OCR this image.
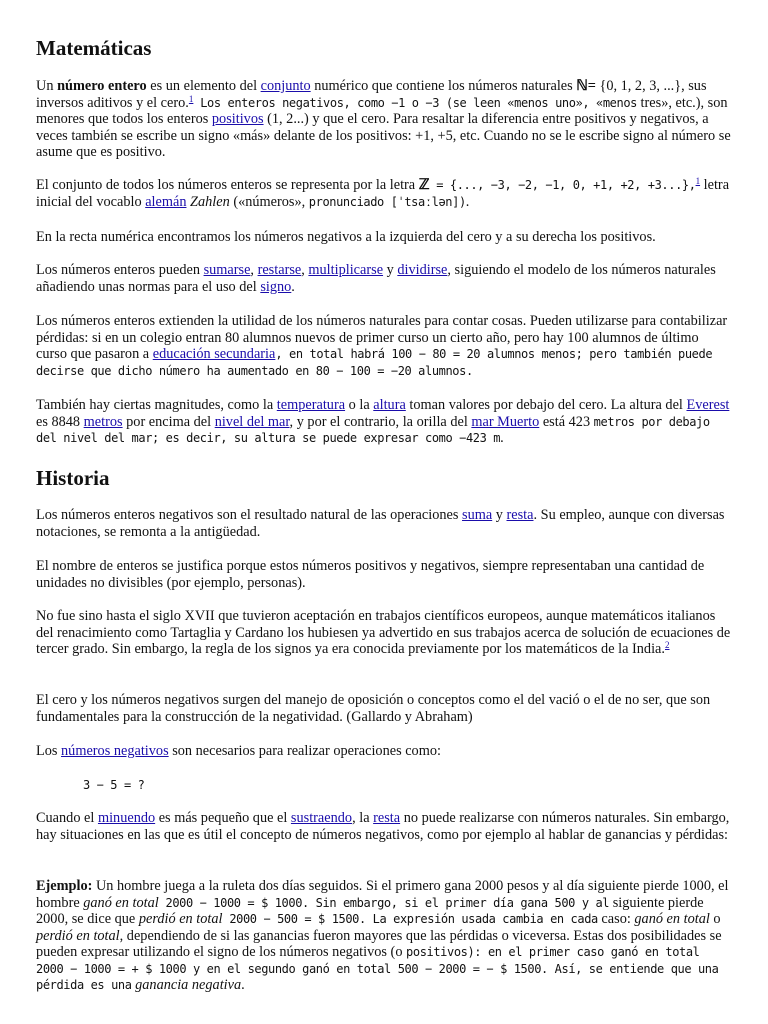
Matemáticas

Un número entero es un elemento del conjunto numérico que contiene los números naturales ℕ= {0, 1, 2, 3, ...}, sus inversos aditivos y el cero.$^1$ Los enteros negativos, como −1 o −3 (se leen «menos uno», «menos tres», etc.), son menores que todos los enteros positivos (1, 2...) y que el cero. Para resaltar la diferencia entre positivos y negativos, a veces también se escribe un signo «más» delante de los positivos: +1, +5, etc. Cuando no se le escribe signo al número se asume que es positivo.

El conjunto de todos los números enteros se representa por la letra ℤ = {..., −3, −2, −1, 0, +1, +2, +3...},$^1$ letra inicial del vocablo alemán Zahlen («números», pronunciado [ˈtsaːlən]).

En la recta numérica encontramos los números negativos a la izquierda del cero y a su derecha los positivos.

Los números enteros pueden sumarse, restarse, multiplicarse y dividirse, siguiendo el modelo de los números naturales añadiendo unas normas para el uso del signo.

Los números enteros extienden la utilidad de los números naturales para contar cosas. Pueden utilizarse para contabilizar pérdidas: si en un colegio entran 80 alumnos nuevos de primer curso un cierto año, pero hay 100 alumnos de último curso que pasaron a educación secundaria, en total habrá 100 − 80 = 20 alumnos menos; pero también puede decirse que dicho número ha aumentado en 80 − 100 = −20 alumnos.

También hay ciertas magnitudes, como la temperatura o la altura toman valores por debajo del cero. La altura del Everest es 8848 metros por encima del nivel del mar, y por el contrario, la orilla del mar Muerto está 423 metros por debajo del nivel del mar; es decir, su altura se puede expresar como −423 m.

Historia

Los números enteros negativos son el resultado natural de las operaciones suma y resta. Su empleo, aunque con diversas notaciones, se remonta a la antigüedad.

El nombre de enteros se justifica porque estos números positivos y negativos, siempre representaban una cantidad de unidades no divisibles (por ejemplo, personas).

No fue sino hasta el siglo XVII que tuvieron aceptación en trabajos científicos europeos, aunque matemáticos italianos del renacimiento como Tartaglia y Cardano los hubiesen ya advertido en sus trabajos acerca de solución de ecuaciones de tercer grado. Sin embargo, la regla de los signos ya era conocida previamente por los matemáticos de la India.$^2$

El cero y los números negativos surgen del manejo de oposición o conceptos como el del vació o el de no ser, que son fundamentales para la construcción de la negatividad. (Gallardo y Abraham)

Los números negativos son necesarios para realizar operaciones como:

3 − 5 = ?

Cuando el minuendo es más pequeño que el sustraendo, la resta no puede realizarse con números naturales. Sin embargo, hay situaciones en las que es útil el concepto de números negativos, como por ejemplo al hablar de ganancias y pérdidas:

Ejemplo: Un hombre juega a la ruleta dos días seguidos. Si el primero gana 2000 pesos y al día siguiente pierde 1000, el hombre ganó en total 2000 − 1000 = $ 1000. Sin embargo, si el primer día gana 500 y al siguiente pierde 2000, se dice que perdió en total 2000 − 500 = $ 1500. La expresión usada cambia en cada caso: ganó en total o perdió en total, dependiendo de si las ganancias fueron mayores que las pérdidas o viceversa. Estas dos posibilidades se pueden expresar utilizando el signo de los números negativos (o positivos): en el primer caso ganó en total 2000 − 1000 = + $ 1000 y en el segundo ganó en total 500 − 2000 = − $ 1500. Así, se entiende que una pérdida es una ganancia negativa.
